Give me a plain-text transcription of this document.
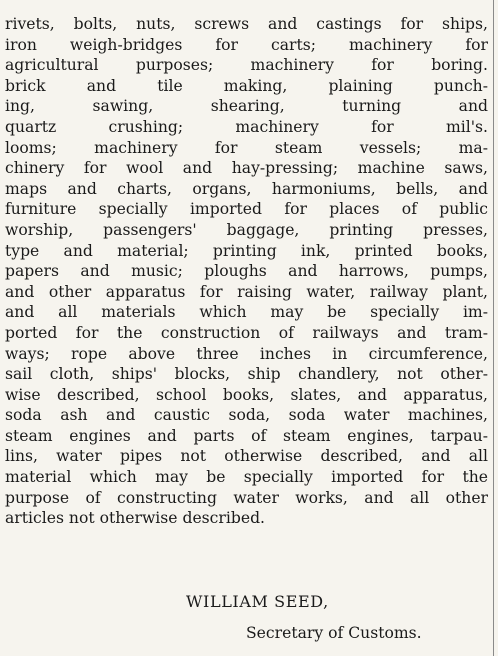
rivets, bolts, nuts, screws and castings for ships,
iron weigh-bridges for carts; machinery for
agricultural purposes; machinery for boring.
brick and tile making, plaining punch-
ing, sawing, shearing, turning and
quartz crushing; machinery for mil's.
looms; machinery for steam vessels; ma-
chinery for wool and hay-pressing; machine saws,
maps and charts, organs, harmoniums, bells, and
furniture specially imported for places of public
worship, passengers' baggage, printing presses,
type and material; printing ink, printed books,
papers and music; ploughs and harrows, pumps,
and other apparatus for raising water, railway plant,
and all materials which may be specially im-
ported for the construction of railways and tram-
ways; rope above three inches in circumference,
sail cloth, ships' blocks, ship chandlery, not other-
wise described, school books, slates, and apparatus,
soda ash and caustic soda, soda water machines,
steam engines and parts of steam engines, tarpau-
lins, water pipes not otherwise described, and all
material which may be specially imported for the
purpose of constructing water works, and all other
articles not otherwise described.
WILLIAM SEED,
Secretary of Customs.
